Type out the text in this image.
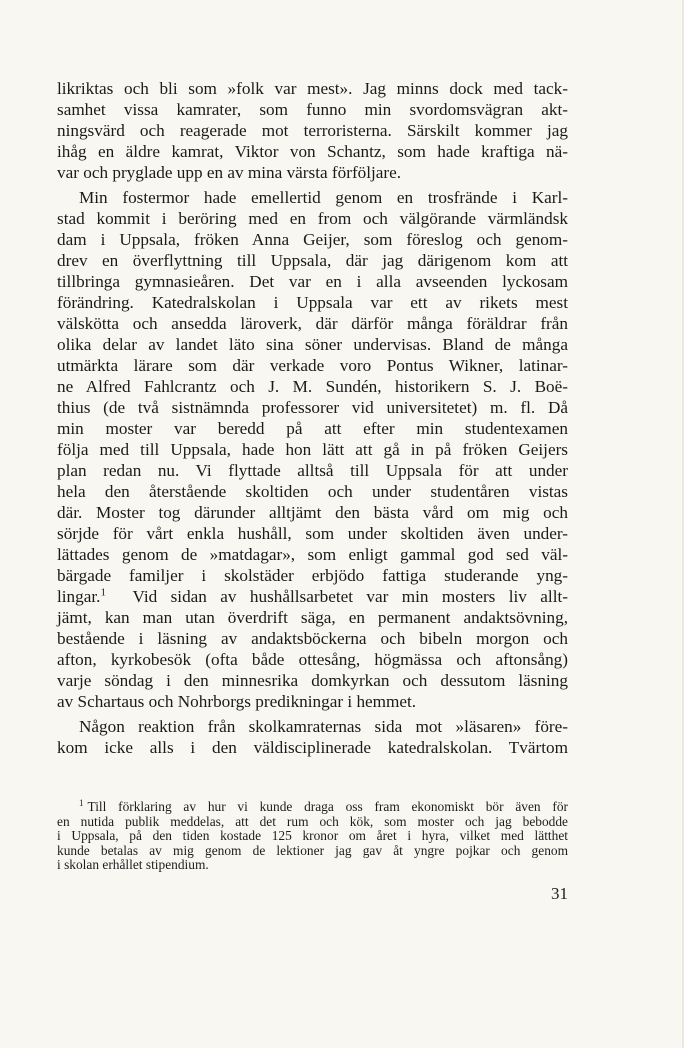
likriktas och bli som »folk var mest». Jag minns dock med tack-
samhet vissa kamrater, som funno min svordomsvägran akt-
ningsvärd och reagerade mot terroristerna. Särskilt kommer jag
ihåg en äldre kamrat, Viktor von Schantz, som hade kraftiga nä-
var och pryglade upp en av mina värsta förföljare.
Min fostermor hade emellertid genom en trosfrände i Karl-
stad kommit i beröring med en from och välgörande värmländsk
dam i Uppsala, fröken Anna Geijer, som föreslog och genom-
drev en överflyttning till Uppsala, där jag därigenom kom att
tillbringa gymnasieåren. Det var en i alla avseenden lyckosam
förändring. Katedralskolan i Uppsala var ett av rikets mest
välskötta och ansedda läroverk, där därför många föräldrar från
olika delar av landet läto sina söner undervisas. Bland de många
utmärkta lärare som där verkade voro Pontus Wikner, latinar-
ne Alfred Fahlcrantz och J. M. Sundén, historikern S. J. Boë-
thius (de två sistnämnda professorer vid universitetet) m. fl. Då
min moster var beredd på att efter min studentexamen
följa med till Uppsala, hade hon lätt att gå in på fröken Geijers
plan redan nu. Vi flyttade alltså till Uppsala för att under
hela den återstående skoltiden och under studentåren vistas
där. Moster tog därunder alltjämt den bästa vård om mig och
sörjde för vårt enkla hushåll, som under skoltiden även under-
lättades genom de »matdagar», som enligt gammal god sed väl-
bärgade familjer i skolstäder erbjödo fattiga studerande yng-
lingar.$^1$ Vid sidan av hushållsarbetet var min mosters liv allt-
jämt, kan man utan överdrift säga, en permanent andaktsövning,
bestående i läsning av andaktsböckerna och bibeln morgon och
afton, kyrkobesök (ofta både ottesång, högmässa och aftonsång)
varje söndag i den minnesrika domkyrkan och dessutom läsning
av Schartaus och Nohrborgs predikningar i hemmet.
Någon reaktion från skolkamraternas sida mot »läsaren» före-
kom icke alls i den väldisciplinerade katedralskolan. Tvärtom
$^1$ Till förklaring av hur vi kunde draga oss fram ekonomiskt bör även för
en nutida publik meddelas, att det rum och kök, som moster och jag bebodde
i Uppsala, på den tiden kostade 125 kronor om året i hyra, vilket med lätthet
kunde betalas av mig genom de lektioner jag gav åt yngre pojkar och genom
i skolan erhållet stipendium.
31
